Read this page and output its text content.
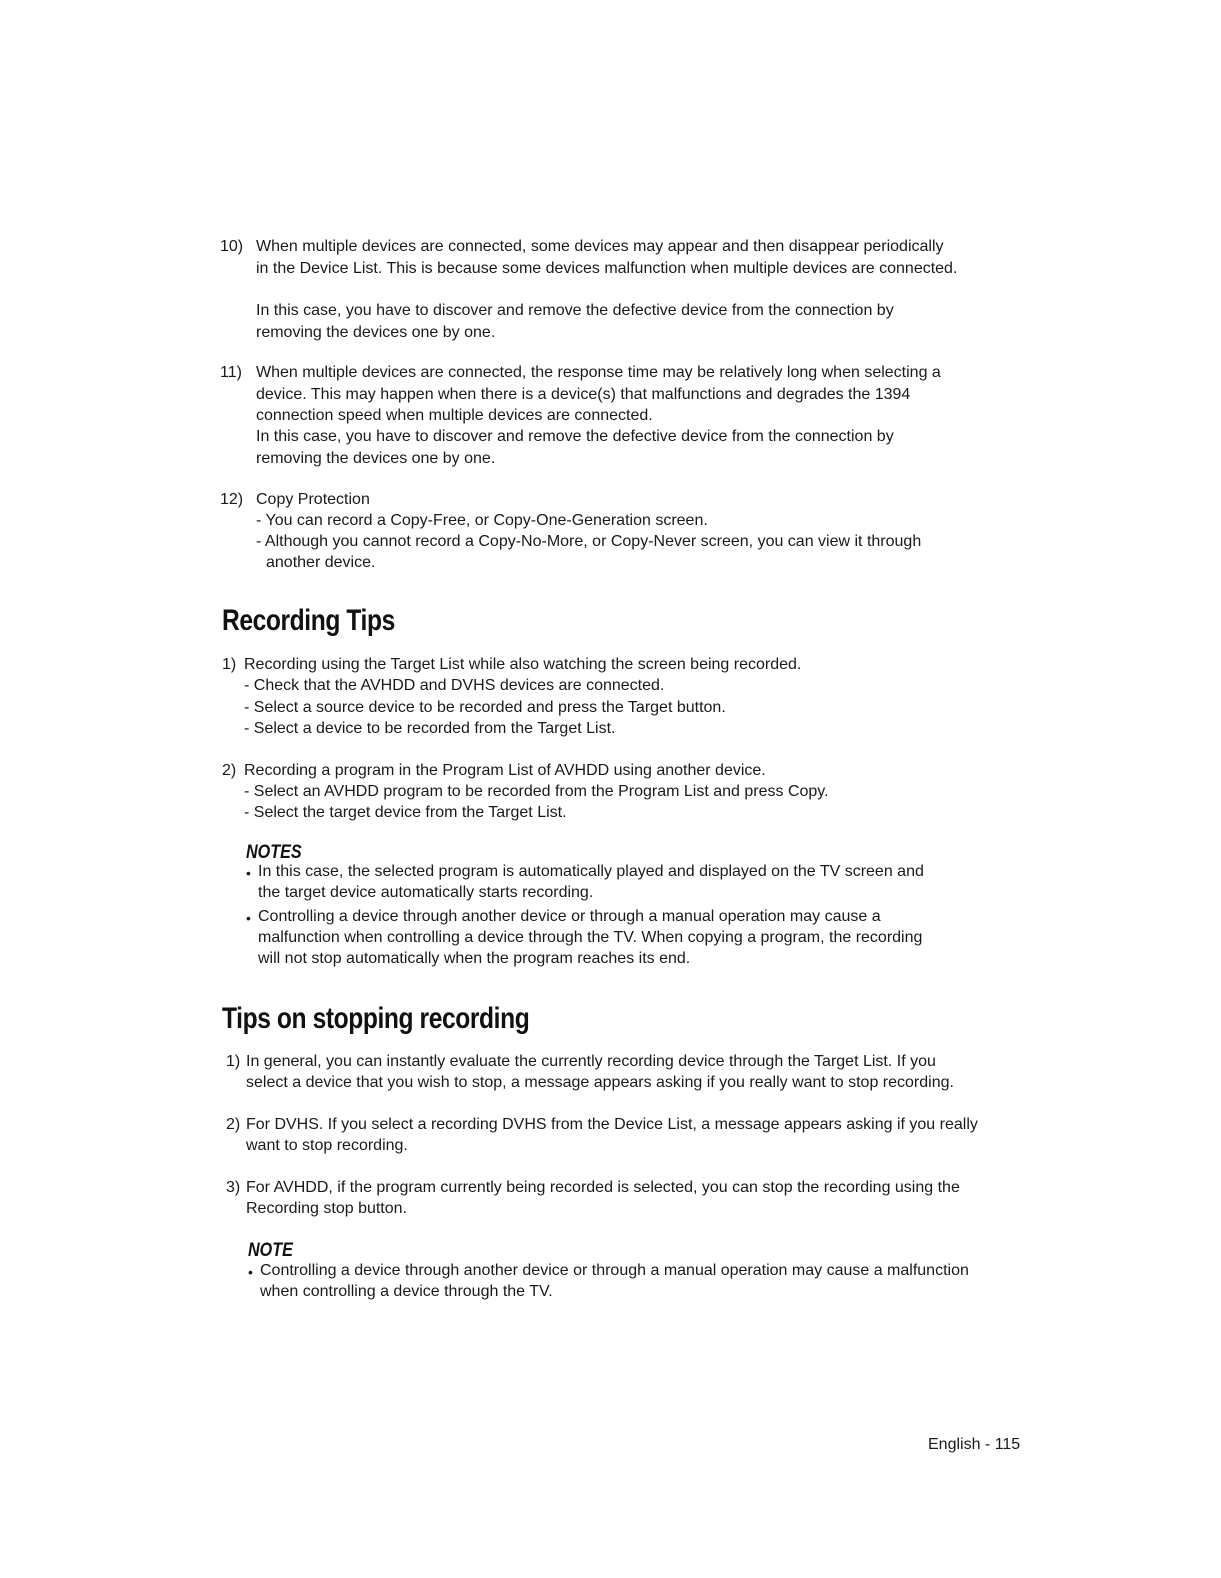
10) When multiple devices are connected, some devices may appear and then disappear periodically
in the Device List. This is because some devices malfunction when multiple devices are connected.
In this case, you have to discover and remove the defective device from the connection by
removing the devices one by one.
11) When multiple devices are connected, the response time may be relatively long when selecting a
device. This may happen when there is a device(s) that malfunctions and degrades the 1394
connection speed when multiple devices are connected.
In this case, you have to discover and remove the defective device from the connection by
removing the devices one by one.
12) Copy Protection
- You can record a Copy-Free, or Copy-One-Generation screen.
- Although you cannot record a Copy-No-More, or Copy-Never screen, you can view it through
another device.
Recording Tips
1) Recording using the Target List while also watching the screen being recorded.
- Check that the AVHDD and DVHS devices are connected.
- Select a source device to be recorded and press the Target button.
- Select a device to be recorded from the Target List.
2) Recording a program in the Program List of AVHDD using another device.
- Select an AVHDD program to be recorded from the Program List and press Copy.
- Select the target device from the Target List.
NOTES
• In this case, the selected program is automatically played and displayed on the TV screen and
the target device automatically starts recording.
• Controlling a device through another device or through a manual operation may cause a
malfunction when controlling a device through the TV. When copying a program, the recording
will not stop automatically when the program reaches its end.
Tips on stopping recording
1) In general, you can instantly evaluate the currently recording device through the Target List. If you
select a device that you wish to stop, a message appears asking if you really want to stop recording.
2) For DVHS. If you select a recording DVHS from the Device List, a message appears asking if you really
want to stop recording.
3) For AVHDD, if the program currently being recorded is selected, you can stop the recording using the
Recording stop button.
NOTE
• Controlling a device through another device or through a manual operation may cause a malfunction
when controlling a device through the TV.
English - 115
